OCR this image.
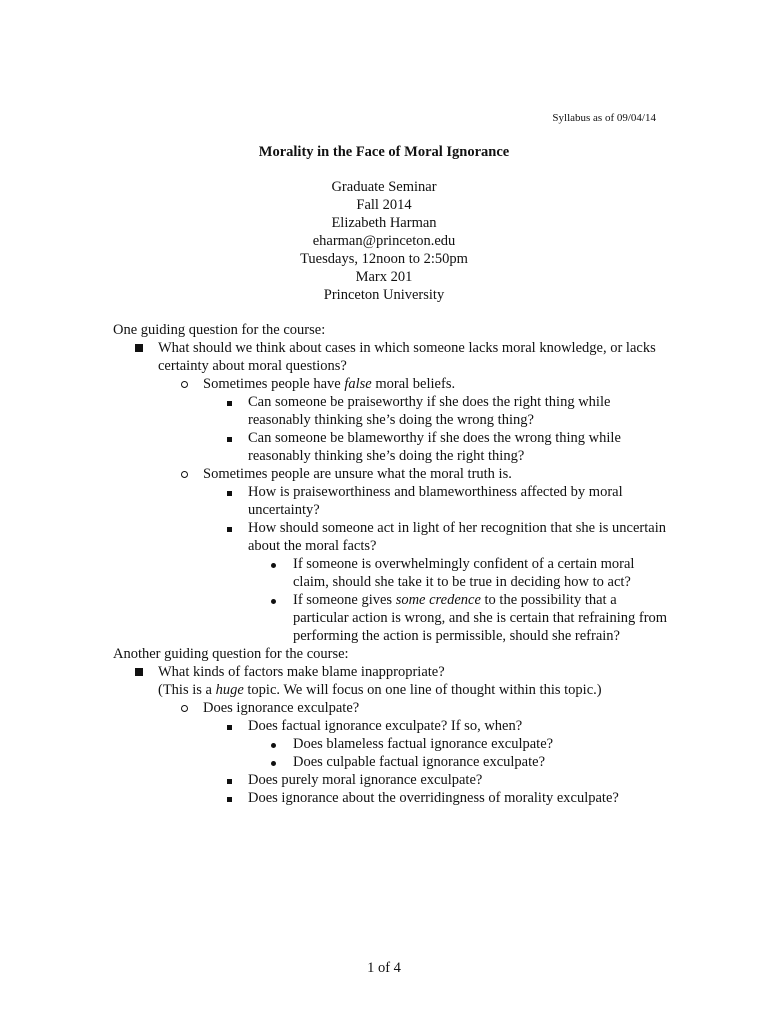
Syllabus as of 09/04/14
Morality in the Face of Moral Ignorance
Graduate Seminar
Fall 2014
Elizabeth Harman
eharman@princeton.edu
Tuesdays, 12noon to 2:50pm
Marx 201
Princeton University
One guiding question for the course:
What should we think about cases in which someone lacks moral knowledge, or lacks certainty about moral questions?
Sometimes people have false moral beliefs.
Can someone be praiseworthy if she does the right thing while reasonably thinking she’s doing the wrong thing?
Can someone be blameworthy if she does the wrong thing while reasonably thinking she’s doing the right thing?
Sometimes people are unsure what the moral truth is.
How is praiseworthiness and blameworthiness affected by moral uncertainty?
How should someone act in light of her recognition that she is uncertain about the moral facts?
If someone is overwhelmingly confident of a certain moral claim, should she take it to be true in deciding how to act?
If someone gives some credence to the possibility that a particular action is wrong, and she is certain that refraining from performing the action is permissible, should she refrain?
Another guiding question for the course:
What kinds of factors make blame inappropriate?
(This is a huge topic. We will focus on one line of thought within this topic.)
Does ignorance exculpate?
Does factual ignorance exculpate? If so, when?
Does blameless factual ignorance exculpate?
Does culpable factual ignorance exculpate?
Does purely moral ignorance exculpate?
Does ignorance about the overridingness of morality exculpate?
1 of 4
